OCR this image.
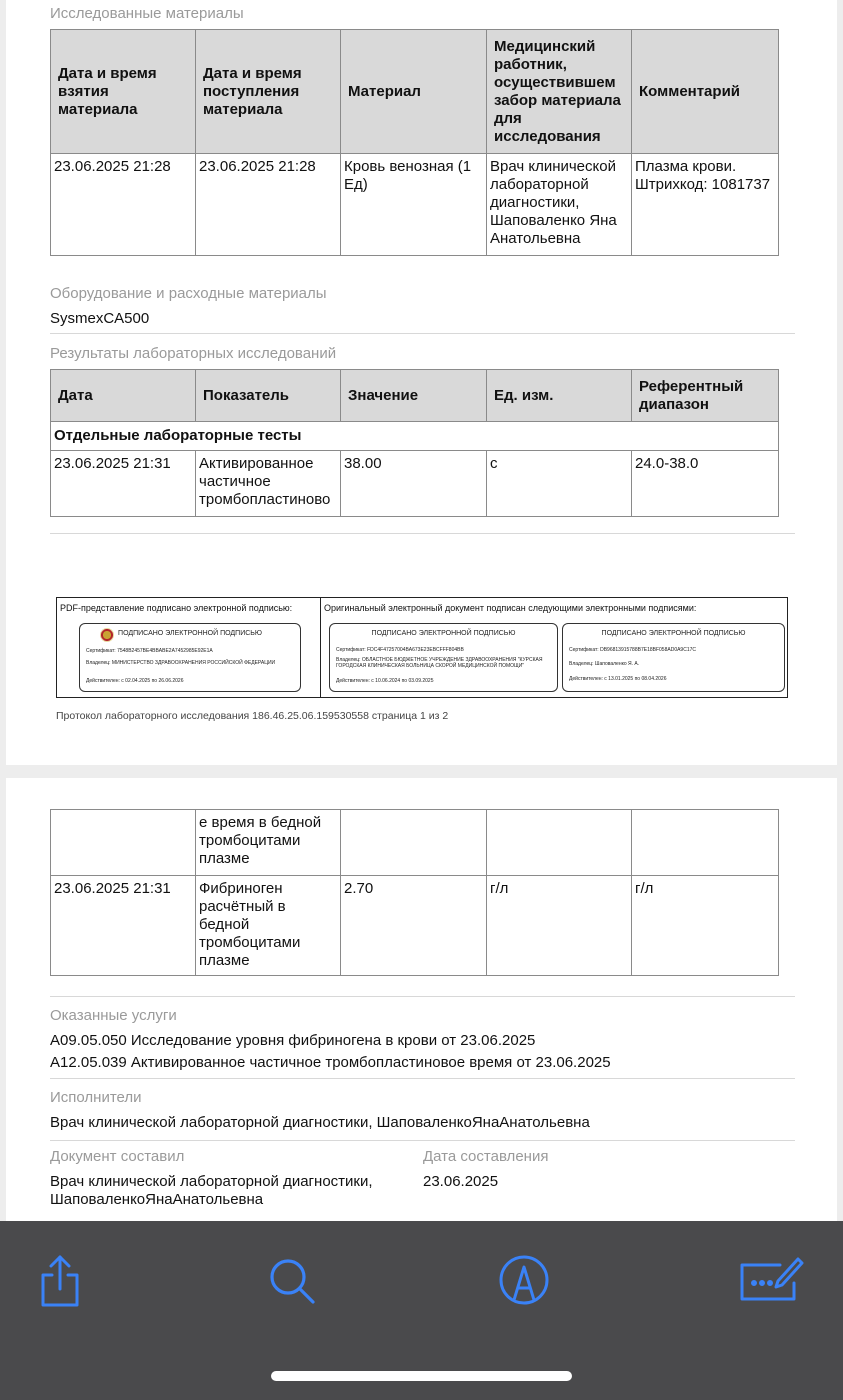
Исследованные материалы
Дата и время взятия материала	Дата и время поступления материала	Материал	Медицинский работник, осуществившем забор материала для исследования	Комментарий
23.06.2025 21:28	23.06.2025 21:28	Кровь венозная (1 Ед)	Врач клинической лабораторной диагностики, Шаповаленко Яна Анатольевна	Плазма крови. Штрихкод: 1081737
Оборудование и расходные материалы
SysmexCA500
Результаты лабораторных исследований
Дата	Показатель	Значение	Ед. изм.	Референтный диапазон
Отдельные лабораторные тесты				
23.06.2025 21:31	Активированное частичное тромбопластиново	38.00	с	24.0-38.0
PDF-представление подписано электронной подписью:	Оригинальный электронный документ подписан следующими электронными подписями:
ПОДПИСАНО ЭЛЕКТРОННОЙ ПОДПИСЬЮ
Сертификат: 7548B2457BE4BBABE2A7452985E92E1A
Владелец: МИНИСТЕРСТВО ЗДРАВООХРАНЕНИЯ РОССИЙСКОЙ ФЕДЕРАЦИИ
Действителен: с 02.04.2025 по 26.06.2026
ПОДПИСАНО ЭЛЕКТРОННОЙ ПОДПИСЬЮ
Сертификат: FDC4F47257004BA673E23EBCFFF804BB
Владелец: ОБЛАСТНОЕ БЮДЖЕТНОЕ УЧРЕЖДЕНИЕ ЗДРАВООХРАНЕНИЯ "КУРСКАЯ ГОРОДСКАЯ КЛИНИЧЕСКАЯ БОЛЬНИЦА СКОРОЙ МЕДИЦИНСКОЙ ПОМОЩИ"
Действителен: с 10.06.2024 по 03.09.2025
ПОДПИСАНО ЭЛЕКТРОННОЙ ПОДПИСЬЮ
Сертификат: DB96813915788B7E18BF058AD0A9C17C
Владелец: Шаповаленко Я. А.
Действителен: с 13.01.2025 по 08.04.2026
Протокол лабораторного исследования 186.46.25.06.159530558 страница 1 из 2
	е время в бедной тромбоцитами плазме			
23.06.2025 21:31	Фибриноген расчётный в бедной тромбоцитами плазме	2.70	г/л	г/л
Оказанные услуги
A09.05.050 Исследование уровня фибриногена в крови от 23.06.2025
A12.05.039 Активированное частичное тромбопластиновое время от 23.06.2025
Исполнители
Врач клинической лабораторной диагностики, ШаповаленкоЯнаАнатольевна
Документ составил
Врач клинической лабораторной диагностики,
ШаповаленкоЯнаАнатольевна
Дата составления
23.06.2025
